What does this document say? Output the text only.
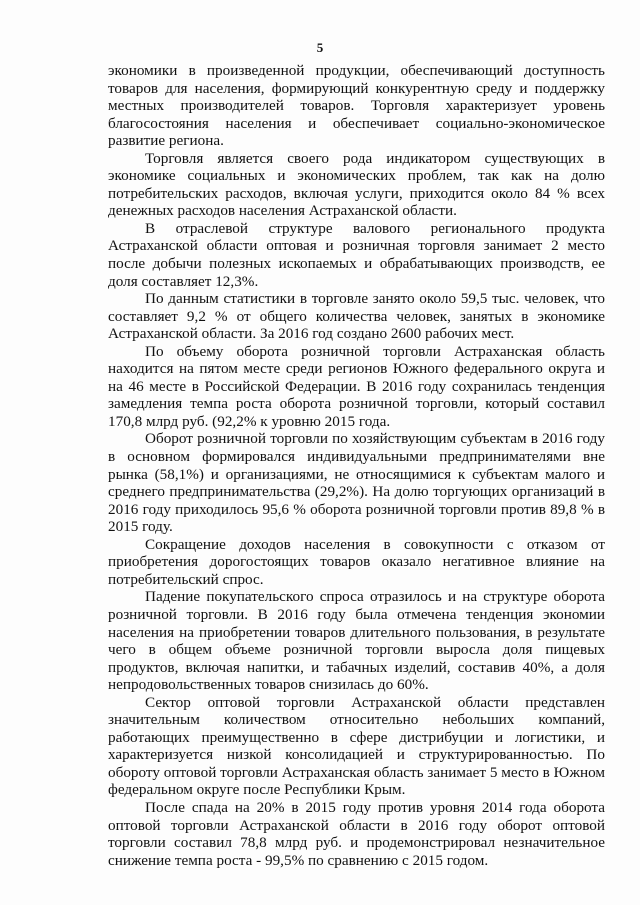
5

экономики в произведенной продукции, обеспечивающий доступность товаров для населения, формирующий конкурентную среду и поддержку местных производителей товаров. Торговля характеризует уровень благосостояния населения и обеспечивает социально-экономическое развитие региона.

Торговля является своего рода индикатором существующих в экономике социальных и экономических проблем, так как на долю потребительских расходов, включая услуги, приходится около 84 % всех денежных расходов населения Астраханской области.

В отраслевой структуре валового регионального продукта Астраханской области оптовая и розничная торговля занимает 2 место после добычи полезных ископаемых и обрабатывающих производств, ее доля составляет 12,3%.

По данным статистики в торговле занято около 59,5 тыс. человек, что составляет 9,2 % от общего количества человек, занятых в экономике Астраханской области. За 2016 год создано 2600 рабочих мест.

По объему оборота розничной торговли Астраханская область находится на пятом месте среди регионов Южного федерального округа и на 46 месте в Российской Федерации. В 2016 году сохранилась тенденция замедления темпа роста оборота розничной торговли, который составил 170,8 млрд руб. (92,2% к уровню 2015 года.

Оборот розничной торговли по хозяйствующим субъектам в 2016 году в основном формировался индивидуальными предпринимателями вне рынка (58,1%) и организациями, не относящимися к субъектам малого и среднего предпринимательства (29,2%). На долю торгующих организаций в 2016 году приходилось 95,6 % оборота розничной торговли против 89,8 % в 2015 году.

Сокращение доходов населения в совокупности с отказом от приобретения дорогостоящих товаров оказало негативное влияние на потребительский спрос.

Падение покупательского спроса отразилось и на структуре оборота розничной торговли. В 2016 году была отмечена тенденция экономии населения на приобретении товаров длительного пользования, в результате чего в общем объеме розничной торговли выросла доля пищевых продуктов, включая напитки, и табачных изделий, составив 40%, а доля непродовольственных товаров снизилась до 60%.

Сектор оптовой торговли Астраханской области представлен значительным количеством относительно небольших компаний, работающих преимущественно в сфере дистрибуции и логистики, и характеризуется низкой консолидацией и структурированностью. По обороту оптовой торговли Астраханская область занимает 5 место в Южном федеральном округе после Республики Крым.

После спада на 20% в 2015 году против уровня 2014 года оборота оптовой торговли Астраханской области в 2016 году оборот оптовой торговли составил 78,8 млрд руб. и продемонстрировал незначительное снижение темпа роста - 99,5% по сравнению с 2015 годом.
